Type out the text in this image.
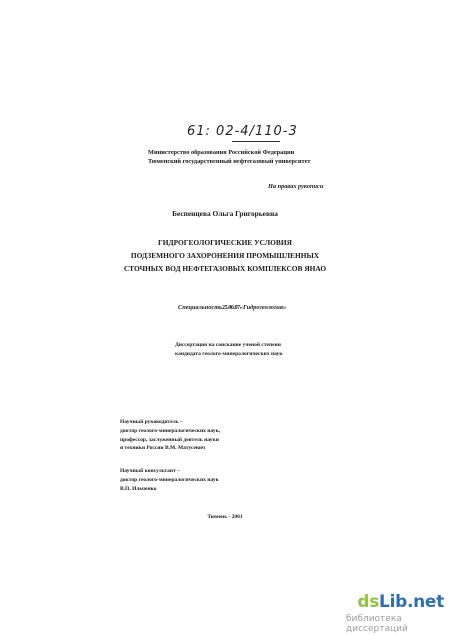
61: 02-4/110-3
Министерство образования Российской Федерации
Тюменский государственный нефтегазовый университет
На правах рукописи
Беспенцева Ольга Григорьевна
ГИДРОГЕОЛОГИЧЕСКИЕ УСЛОВИЯ
ПОДЗЕМНОГО ЗАХОРОНЕНИЯ ПРОМЫШЛЕННЫХ
СТОЧНЫХ ВОД НЕФТЕГАЗОВЫХ КОМПЛЕКСОВ ЯНАО
Специальность25.00.07«Гидрогеология»
Диссертация на соискание ученой степени
кандидата геолого-минералогических наук
Научный руководитель –
доктор геолого-минералогических наук,
профессор, заслуженный деятель науки
и техники России В.М. Матусевич
Научный консультант –
доктор геолого-минералогических наук
В.П. Ильченко
Тюмень - 2001
dsLib.net
библиотека диссертаций
